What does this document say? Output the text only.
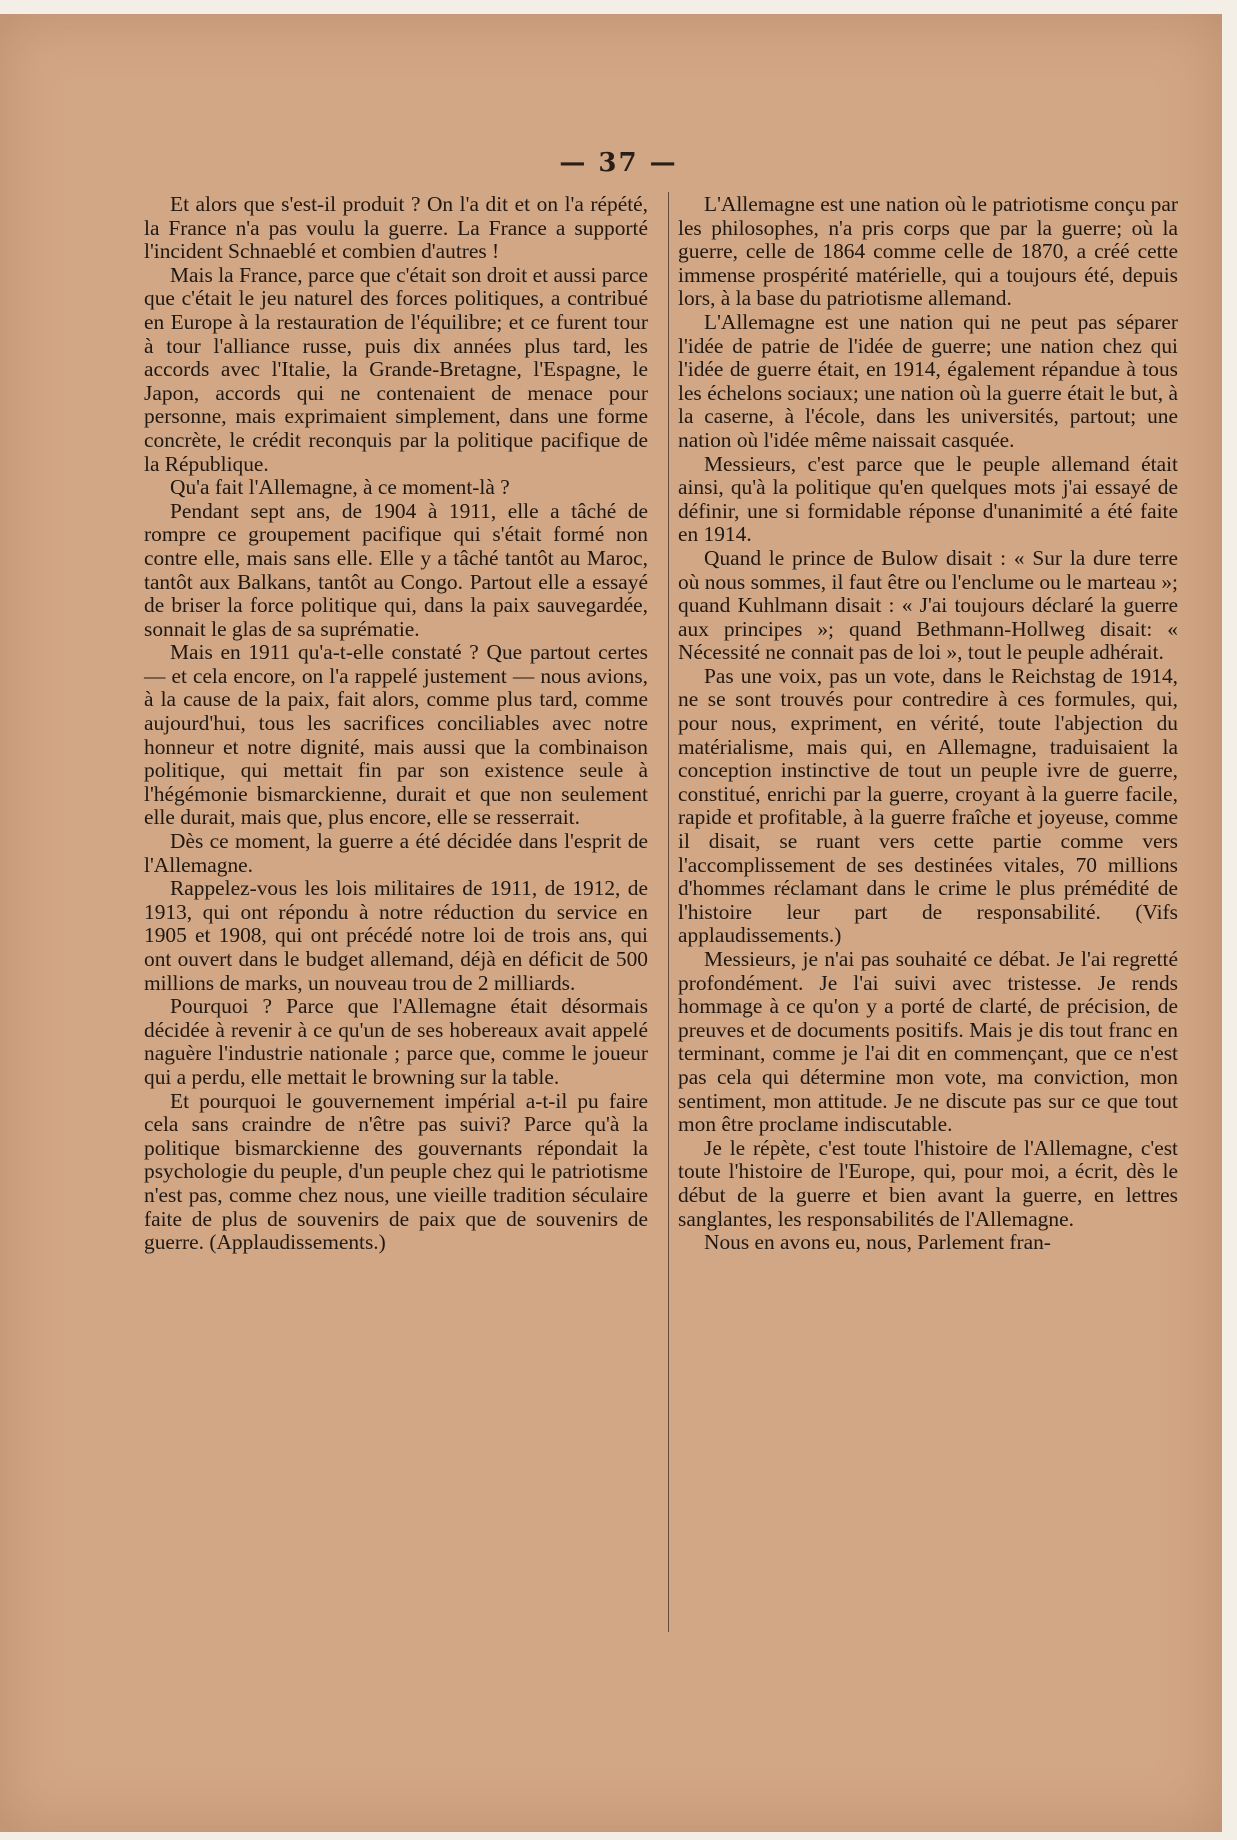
— 37 —

Et alors que s'est-il produit ? On l'a dit et on l'a répété, la France n'a pas voulu la guerre. La France a supporté l'incident Schnaeblé et combien d'autres !

Mais la France, parce que c'était son droit et aussi parce que c'était le jeu naturel des forces politiques, a contribué en Europe à la restauration de l'équilibre; et ce furent tour à tour l'alliance russe, puis dix années plus tard, les accords avec l'Italie, la Grande-Bretagne, l'Espagne, le Japon, accords qui ne contenaient de menace pour personne, mais exprimaient simplement, dans une forme concrète, le crédit reconquis par la politique pacifique de la République.

Qu'a fait l'Allemagne, à ce moment-là ?

Pendant sept ans, de 1904 à 1911, elle a tâché de rompre ce groupement pacifique qui s'était formé non contre elle, mais sans elle. Elle y a tâché tantôt au Maroc, tantôt aux Balkans, tantôt au Congo. Partout elle a essayé de briser la force politique qui, dans la paix sauvegardée, sonnait le glas de sa suprématie.

Mais en 1911 qu'a-t-elle constaté ? Que partout certes — et cela encore, on l'a rappelé justement — nous avions, à la cause de la paix, fait alors, comme plus tard, comme aujourd'hui, tous les sacrifices conciliables avec notre honneur et notre dignité, mais aussi que la combinaison politique, qui mettait fin par son existence seule à l'hégémonie bismarckienne, durait et que non seulement elle durait, mais que, plus encore, elle se resserrait.

Dès ce moment, la guerre a été décidée dans l'esprit de l'Allemagne.

Rappelez-vous les lois militaires de 1911, de 1912, de 1913, qui ont répondu à notre réduction du service en 1905 et 1908, qui ont précédé notre loi de trois ans, qui ont ouvert dans le budget allemand, déjà en déficit de 500 millions de marks, un nouveau trou de 2 milliards.

Pourquoi ? Parce que l'Allemagne était désormais décidée à revenir à ce qu'un de ses hobereaux avait appelé naguère l'industrie nationale ; parce que, comme le joueur qui a perdu, elle mettait le browning sur la table.

Et pourquoi le gouvernement impérial a-t-il pu faire cela sans craindre de n'être pas suivi? Parce qu'à la politique bismarckienne des gouvernants répondait la psychologie du peuple, d'un peuple chez qui le patriotisme n'est pas, comme chez nous, une vieille tradition séculaire faite de plus de souvenirs de paix que de souvenirs de guerre. (Applaudissements.)

L'Allemagne est une nation où le patriotisme conçu par les philosophes, n'a pris corps que par la guerre; où la guerre, celle de 1864 comme celle de 1870, a créé cette immense prospérité matérielle, qui a toujours été, depuis lors, à la base du patriotisme allemand.

L'Allemagne est une nation qui ne peut pas séparer l'idée de patrie de l'idée de guerre; une nation chez qui l'idée de guerre était, en 1914, également répandue à tous les échelons sociaux; une nation où la guerre était le but, à la caserne, à l'école, dans les universités, partout; une nation où l'idée même naissait casquée.

Messieurs, c'est parce que le peuple allemand était ainsi, qu'à la politique qu'en quelques mots j'ai essayé de définir, une si formidable réponse d'unanimité a été faite en 1914.

Quand le prince de Bulow disait : « Sur la dure terre où nous sommes, il faut être ou l'enclume ou le marteau »; quand Kuhlmann disait : « J'ai toujours déclaré la guerre aux principes »; quand Bethmann-Hollweg disait: « Nécessité ne connait pas de loi », tout le peuple adhérait.

Pas une voix, pas un vote, dans le Reichstag de 1914, ne se sont trouvés pour contredire à ces formules, qui, pour nous, expriment, en vérité, toute l'abjection du matérialisme, mais qui, en Allemagne, traduisaient la conception instinctive de tout un peuple ivre de guerre, constitué, enrichi par la guerre, croyant à la guerre facile, rapide et profitable, à la guerre fraîche et joyeuse, comme il disait, se ruant vers cette partie comme vers l'accomplissement de ses destinées vitales, 70 millions d'hommes réclamant dans le crime le plus prémédité de l'histoire leur part de responsabilité. (Vifs applaudissements.)

Messieurs, je n'ai pas souhaité ce débat. Je l'ai regretté profondément. Je l'ai suivi avec tristesse. Je rends hommage à ce qu'on y a porté de clarté, de précision, de preuves et de documents positifs. Mais je dis tout franc en terminant, comme je l'ai dit en commençant, que ce n'est pas cela qui détermine mon vote, ma conviction, mon sentiment, mon attitude. Je ne discute pas sur ce que tout mon être proclame indiscutable.

Je le répète, c'est toute l'histoire de l'Allemagne, c'est toute l'histoire de l'Europe, qui, pour moi, a écrit, dès le début de la guerre et bien avant la guerre, en lettres sanglantes, les responsabilités de l'Allemagne.

Nous en avons eu, nous, Parlement fran-
